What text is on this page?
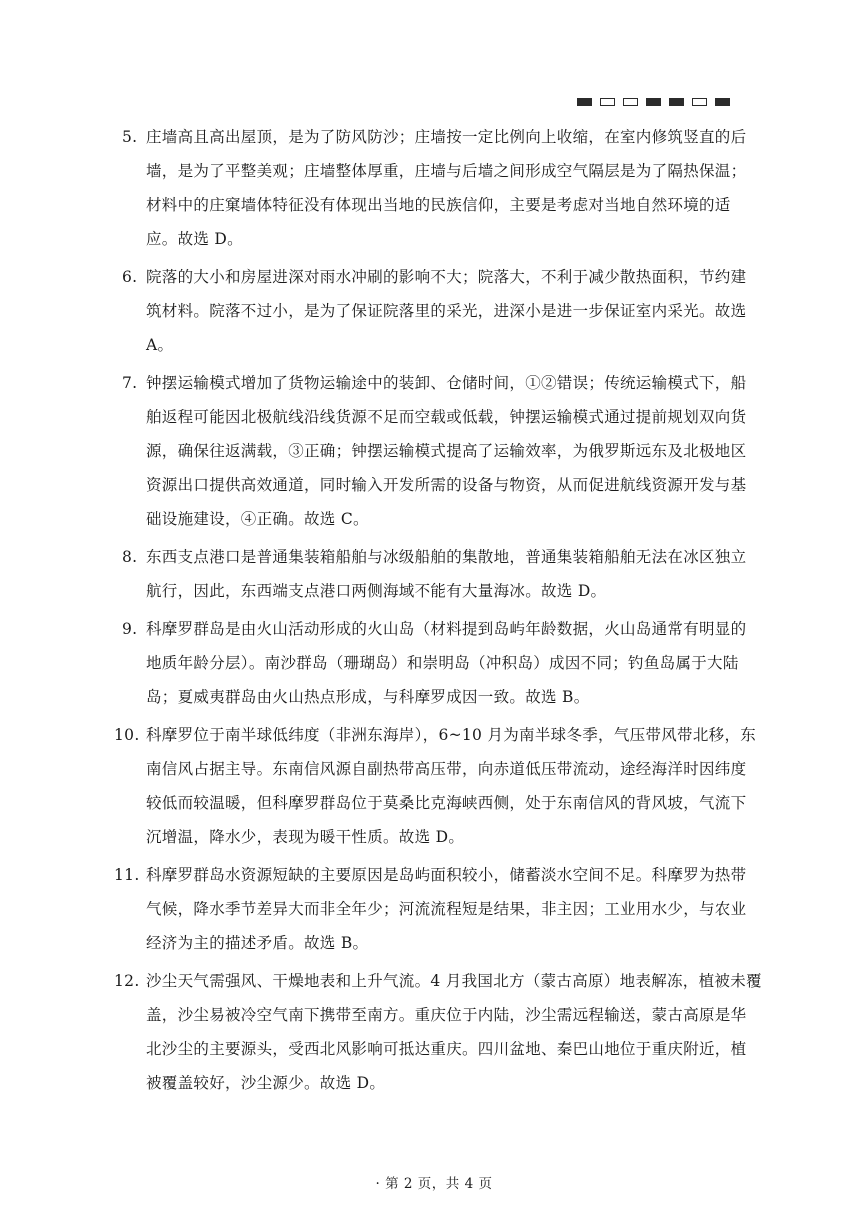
5. 庄墙高且高出屋顶，是为了防风防沙；庄墙按一定比例向上收缩，在室内修筑竖直的后墙，是为了平整美观；庄墙整体厚重，庄墙与后墙之间形成空气隔层是为了隔热保温；材料中的庄窠墙体特征没有体现出当地的民族信仰，主要是考虑对当地自然环境的适应。故选 D。
6. 院落的大小和房屋进深对雨水冲刷的影响不大；院落大，不利于减少散热面积，节约建筑材料。院落不过小，是为了保证院落里的采光，进深小是进一步保证室内采光。故选 A。
7. 钟摆运输模式增加了货物运输途中的装卸、仓储时间，①②错误；传统运输模式下，船舶返程可能因北极航线沿线货源不足而空载或低载，钟摆运输模式通过提前规划双向货源，确保往返满载，③正确；钟摆运输模式提高了运输效率，为俄罗斯远东及北极地区资源出口提供高效通道，同时输入开发所需的设备与物资，从而促进航线资源开发与基础设施建设，④正确。故选 C。
8. 东西支点港口是普通集装箱船舶与冰级船舶的集散地，普通集装箱船舶无法在冰区独立航行，因此，东西端支点港口两侧海域不能有大量海冰。故选 D。
9. 科摩罗群岛是由火山活动形成的火山岛（材料提到岛屿年龄数据，火山岛通常有明显的地质年龄分层）。南沙群岛（珊瑚岛）和崇明岛（冲积岛）成因不同；钓鱼岛属于大陆岛；夏威夷群岛由火山热点形成，与科摩罗成因一致。故选 B。
10. 科摩罗位于南半球低纬度（非洲东海岸），6~10 月为南半球冬季，气压带风带北移，东南信风占据主导。东南信风源自副热带高压带，向赤道低压带流动，途经海洋时因纬度较低而较温暖，但科摩罗群岛位于莫桑比克海峡西侧，处于东南信风的背风坡，气流下沉增温，降水少，表现为暖干性质。故选 D。
11. 科摩罗群岛水资源短缺的主要原因是岛屿面积较小，储蓄淡水空间不足。科摩罗为热带气候，降水季节差异大而非全年少；河流流程短是结果，非主因；工业用水少，与农业经济为主的描述矛盾。故选 B。
12. 沙尘天气需强风、干燥地表和上升气流。4 月我国北方（蒙古高原）地表解冻，植被未覆盖，沙尘易被冷空气南下携带至南方。重庆位于内陆，沙尘需远程输送，蒙古高原是华北沙尘的主要源头，受西北风影响可抵达重庆。四川盆地、秦巴山地位于重庆附近，植被覆盖较好，沙尘源少。故选 D。
· 第 2 页，共 4 页
